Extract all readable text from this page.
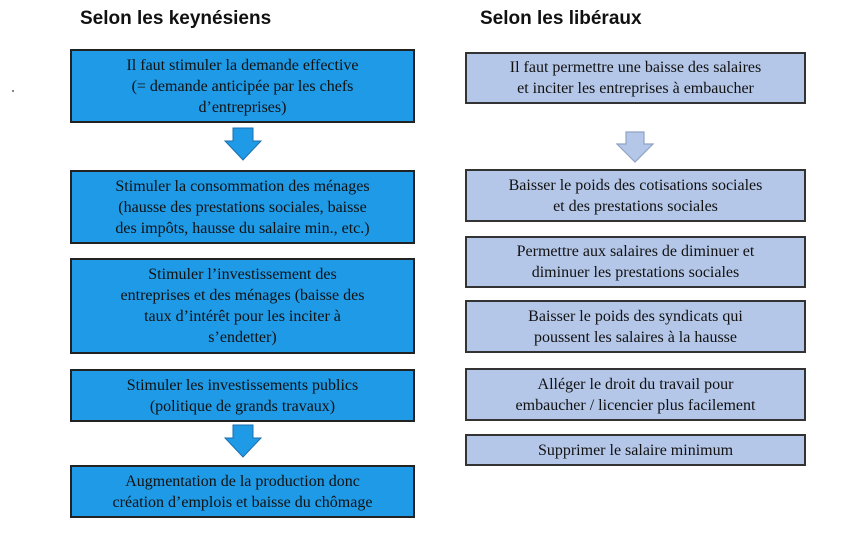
Selon les keynésiens
Il faut stimuler la demande effective
(= demande anticipée par les chefs
d’entreprises)
Stimuler la consommation des ménages
(hausse des prestations sociales, baisse
des impôts, hausse du salaire min., etc.)
Stimuler l’investissement des
entreprises et des ménages (baisse des
taux d’intérêt pour les inciter à
s’endetter)
Stimuler les investissements publics
(politique de grands travaux)
Augmentation de la production donc
création d’emplois et baisse du chômage
Selon les libéraux
Il faut permettre une baisse des salaires
et inciter les entreprises à embaucher
Baisser le poids des cotisations sociales
et des prestations sociales
Permettre aux salaires de diminuer et
diminuer les prestations sociales
Baisser le poids des syndicats qui
poussent les salaires à la hausse
Alléger le droit du travail pour
embaucher / licencier plus facilement
Supprimer le salaire minimum
